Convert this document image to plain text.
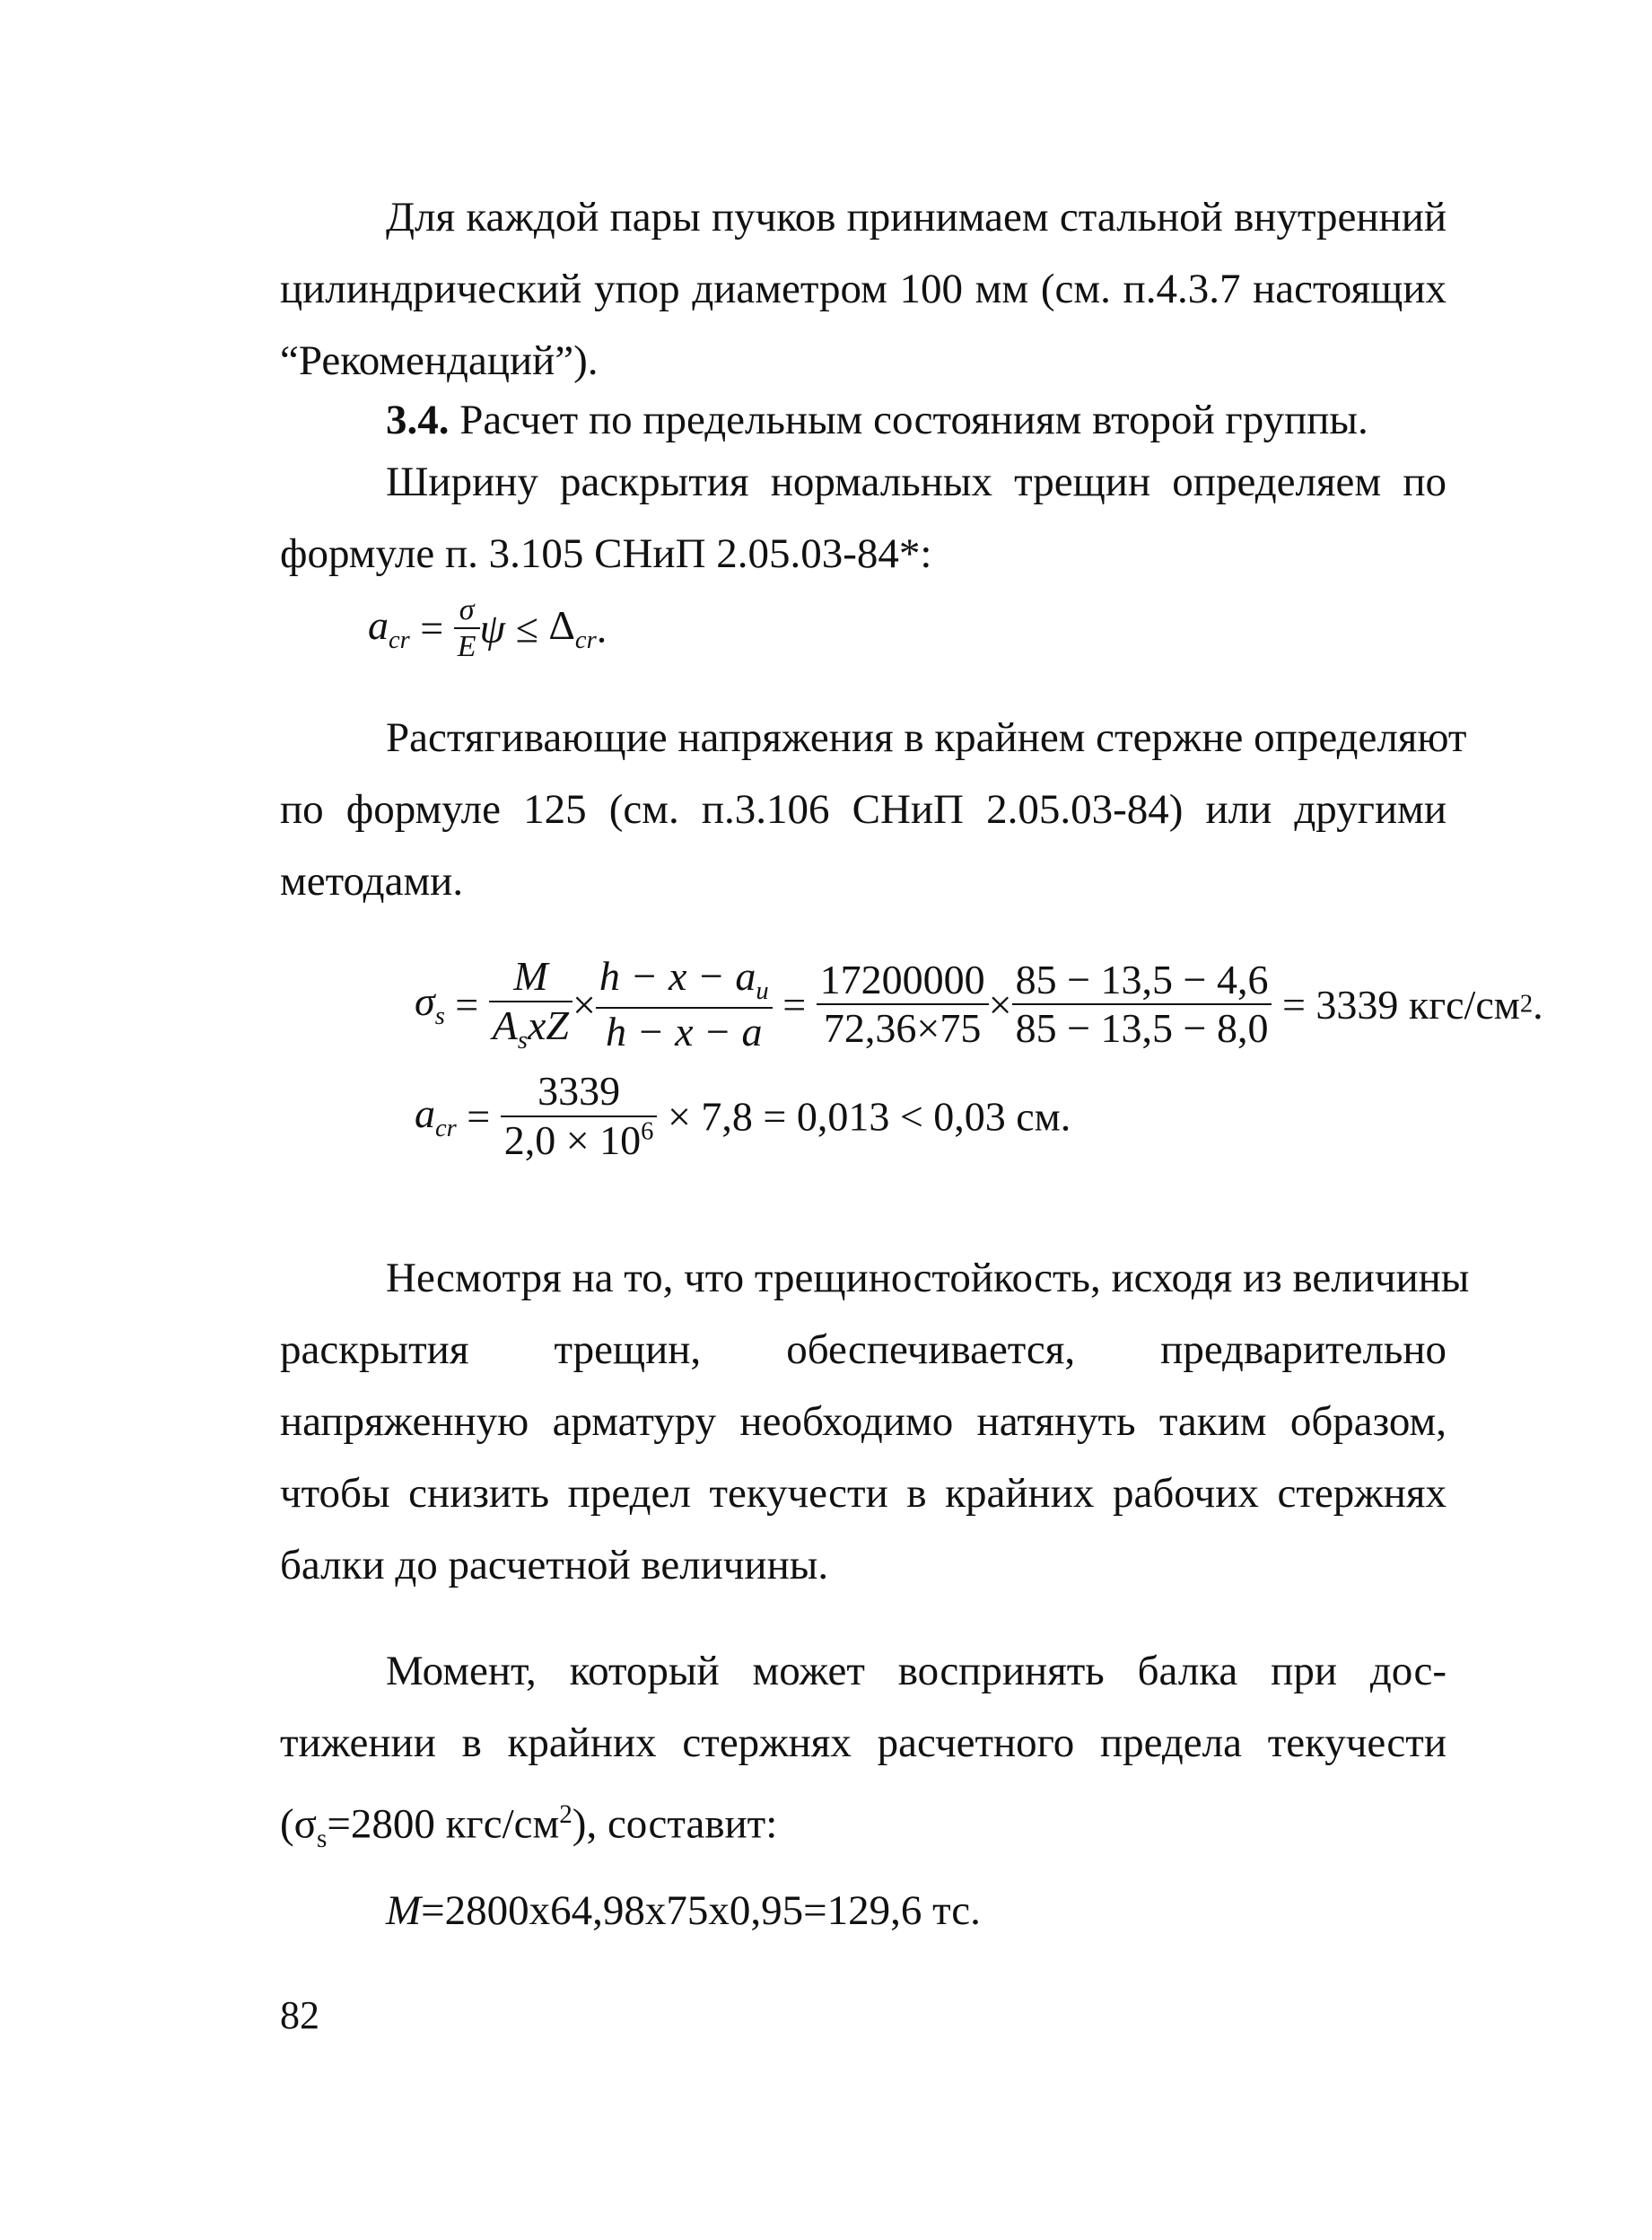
Для каждой пары пучков принимаем стальной внутренний
цилиндрический упор диаметром 100 мм (см. п.4.3.7 настоящих
“Рекомендаций”).
3.4. Расчет по предельным состояниям второй группы.
Ширину раскрытия нормальных трещин определяем по
формуле п. 3.105 СНиП 2.05.03-84*:
$a_{cr} = \frac{\sigma}{E}$ $\psi \le \Delta_{cr}$.
Растягивающие напряжения в крайнем стержне определяют
по формуле 125 (см. п.3.106 СНиП 2.05.03-84) или другими
методами.
$\sigma_s = \frac{M}{A_sxZ} \times \frac{h - x - a_u}{h - x - a} = \frac{17200000}{72,36\times 75} \times \frac{85 - 13,5 - 4,6}{85 - 13,5 - 8,0} = 3339$ кгс/см2.
$a_{cr} = \frac{3339}{2,0 \times 10^6} \times 7,8 = 0,013 < 0,03$ см.
Несмотря на то, что трещиностойкость, исходя из величины
раскрытия трещин, обеспечивается, предварительно
напряженную арматуру необходимо натянуть таким образом,
чтобы снизить предел текучести в крайних рабочих стержнях
балки до расчетной величины.
Момент, который может воспринять балка при дос-
тижении в крайних стержнях расчетного предела текучести
($\sigma_s=2800$ кгс/$см^2$), составит:
M=2800x64,98x75x0,95=129,6 тс.
82
